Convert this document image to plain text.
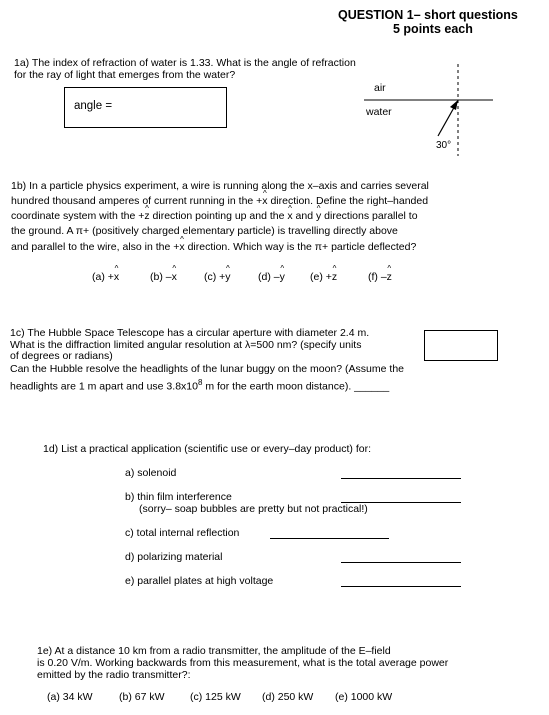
QUESTION 1– short questions
5 points each
1a) The index of refraction of water is 1.33. What is the angle of refraction
for the ray of light that emerges from the water?
angle =
air
water
30°
1b) In a particle physics experiment, a wire is running along the x–axis and carries several
hundred thousand amperes of current running in the +^ x direction. Define the right–handed
coordinate system with the +^ z direction pointing up and the ^ x and ^ y directions parallel to
the ground. A π+ (positively charged elementary particle) is travelling directly above
and parallel to the wire, also in the +^ x direction. Which way is the π+ particle deflected?
(a) +^ x	(b) –^ x	(c) +^ y	(d) –^ y (e) +^ z	(f) –^ z
1c) The Hubble Space Telescope has a circular aperture with diameter 2.4 m.
What is the diffraction limited angular resolution at λ=500 nm? (specify units
of degrees or radians)
Can the Hubble resolve the headlights of the lunar buggy on the moon? (Assume the
headlights are 1 m apart and use $3.8x10^8$ m for the earth moon distance). ______
1d) List a practical application (scientific use or every–day product) for:
a) solenoid
b) thin film interference
(sorry– soap bubbles are pretty but not practical!)
c) total internal reflection
d) polarizing material
e) parallel plates at high voltage
1e) At a distance 10 km from a radio transmitter, the amplitude of the E–field
is 0.20 V/m. Working backwards from this measurement, what is the total average power
emitted by the radio transmitter?:
(a) 34 kW	(b) 67 kW (c) 125 kW (d) 250 kW (e) 1000 kW
